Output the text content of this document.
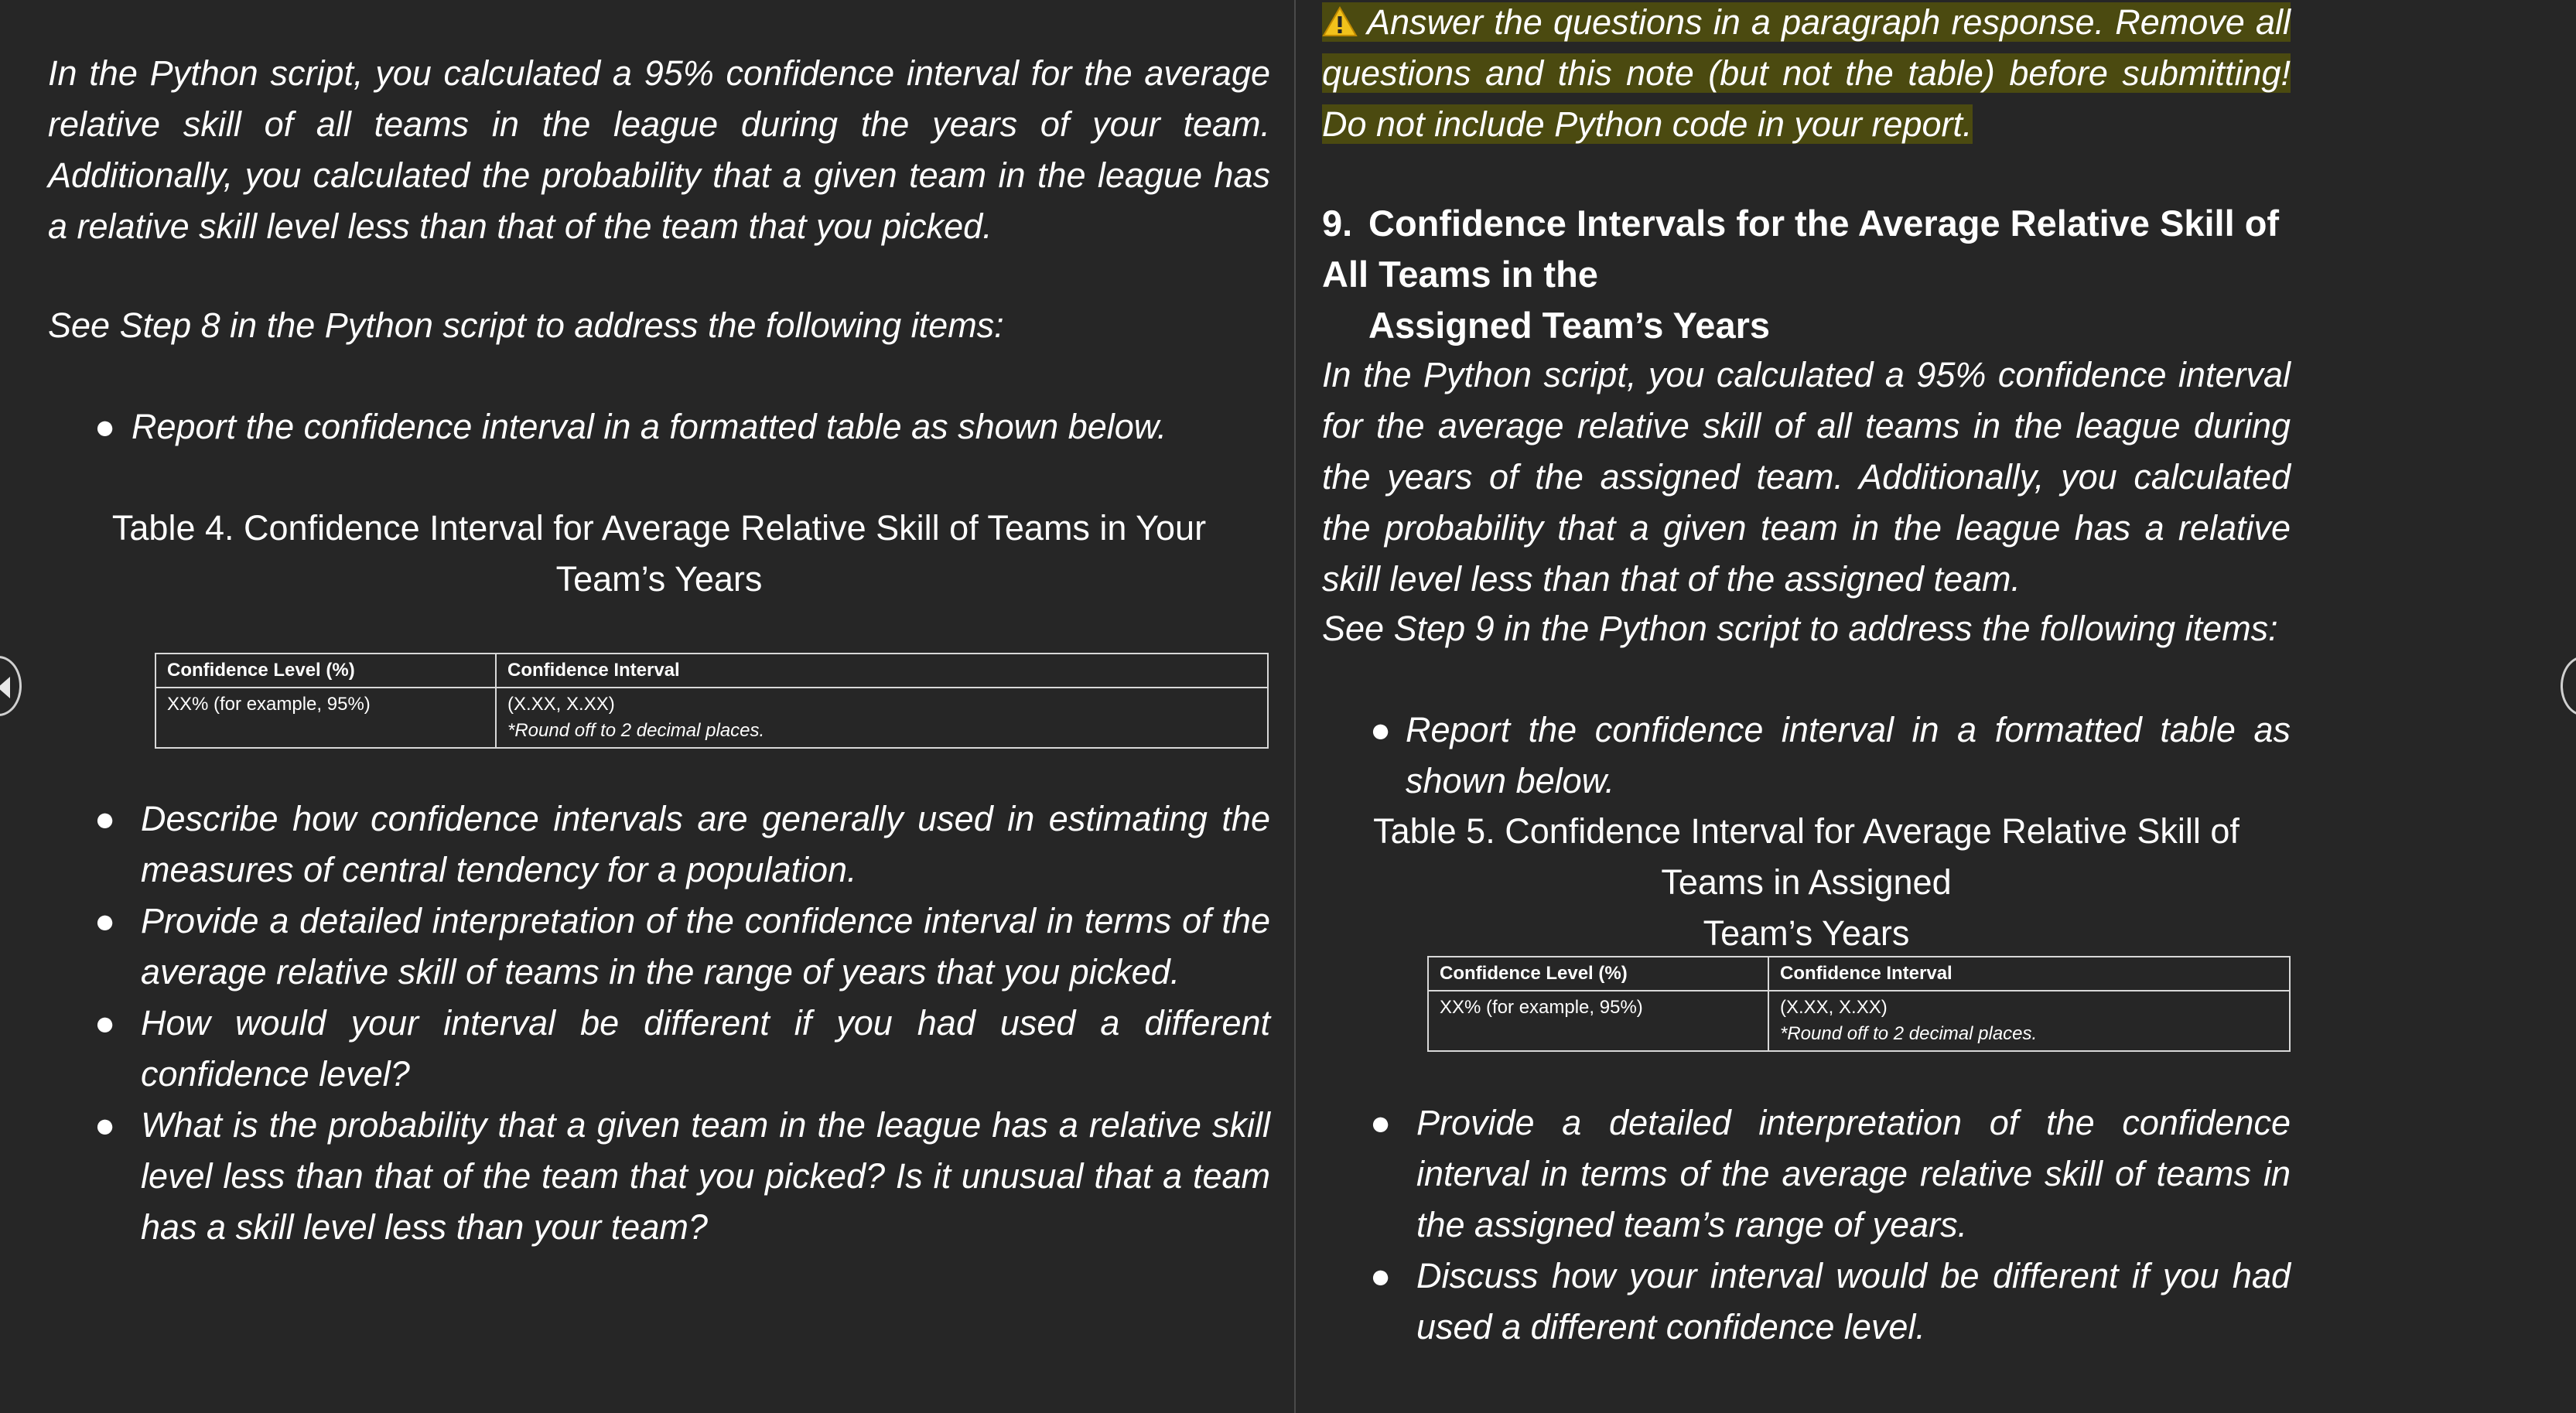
In the Python script, you calculated a 95% confidence interval for the average relative skill of all teams in the league during the years of your team. Additionally, you calculated the probability that a given team in the league has a relative skill level less than that of the team that you picked.

See Step 8 in the Python script to address the following items:

● Report the confidence interval in a formatted table as shown below.

Table 4. Confidence Interval for Average Relative Skill of Teams in Your
Team’s Years

Confidence Level (%)	Confidence Interval
XX% (for example, 95%)	(X.XX, X.XX)
*Round off to 2 decimal places.
● Describe how confidence intervals are generally used in estimating the measures of central tendency for a population.
● Provide a detailed interpretation of the confidence interval in terms of the average relative skill of teams in the range of years that you picked.
● How would your interval be different if you had used a different confidence level?
● What is the probability that a given team in the league has a relative skill level less than that of the team that you picked? Is it unusual that a team has a skill level less than your team?

Answer the questions in a paragraph response. Remove all questions and this note (but not the table) before submitting! Do not include Python code in your report.

9. Confidence Intervals for the Average Relative Skill of All Teams in the
Assigned Team’s Years

In the Python script, you calculated a 95% confidence interval for the average relative skill of all teams in the league during the years of the assigned team. Additionally, you calculated the probability that a given team in the league has a relative skill level less than that of the assigned team.

See Step 9 in the Python script to address the following items:

● Report the confidence interval in a formatted table as shown below.

Table 5. Confidence Interval for Average Relative Skill of Teams in Assigned
Team’s Years

Confidence Level (%)	Confidence Interval
XX% (for example, 95%)	(X.XX, X.XX)
*Round off to 2 decimal places.
● Provide a detailed interpretation of the confidence interval in terms of the average relative skill of teams in the assigned team’s range of years.
● Discuss how your interval would be different if you had used a different confidence level.
